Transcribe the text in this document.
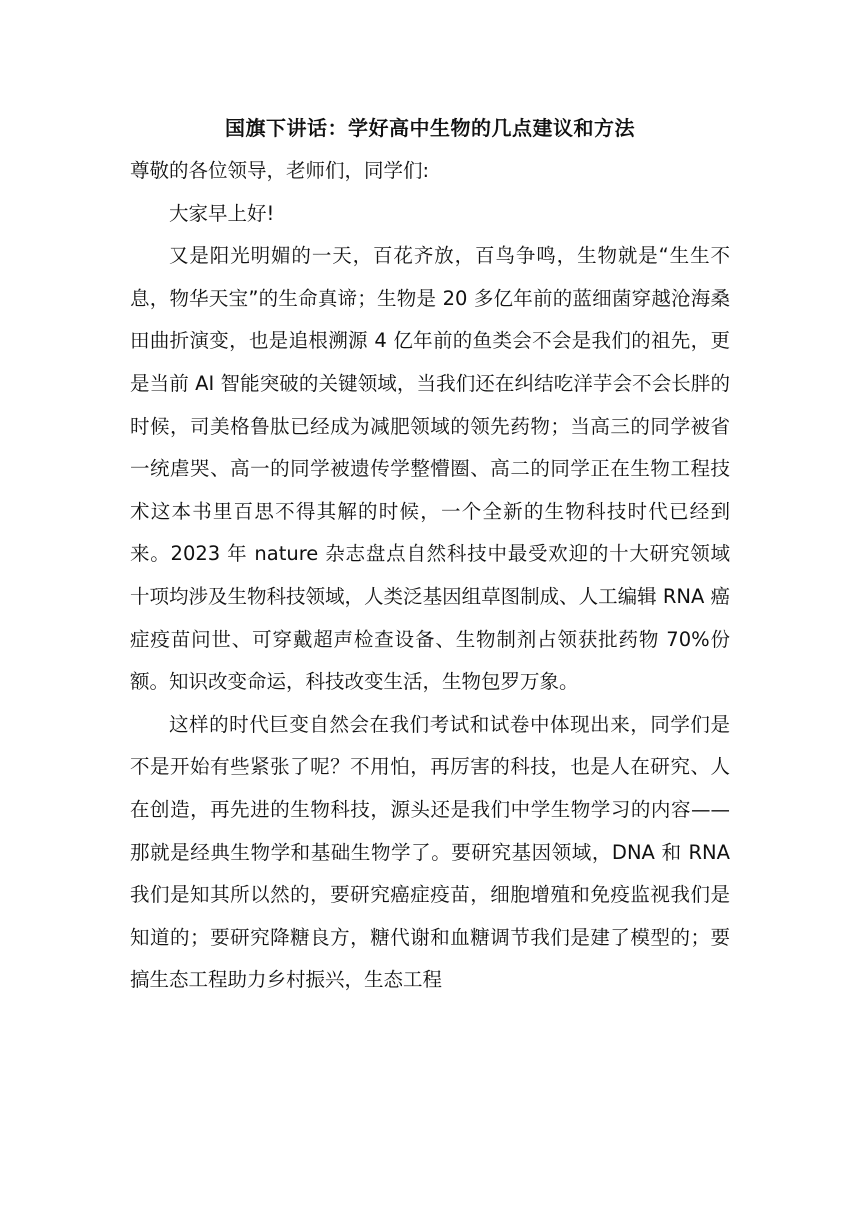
国旗下讲话：学好高中生物的几点建议和方法

尊敬的各位领导，老师们，同学们:

大家早上好!

又是阳光明媚的一天，百花齐放，百鸟争鸣，生物就是“生生不息，物华天宝”的生命真谛；生物是 20 多亿年前的蓝细菌穿越沧海桑田曲折演变，也是追根溯源 4 亿年前的鱼类会不会是我们的祖先，更是当前 AI 智能突破的关键领域，当我们还在纠结吃洋芋会不会长胖的时候，司美格鲁肽已经成为减肥领域的领先药物；当高三的同学被省一统虐哭、高一的同学被遗传学整懵圈、高二的同学正在生物工程技术这本书里百思不得其解的时候，一个全新的生物科技时代已经到来。2023 年 nature 杂志盘点自然科技中最受欢迎的十大研究领域十项均涉及生物科技领域，人类泛基因组草图制成、人工编辑 RNA 癌症疫苗问世、可穿戴超声检查设备、生物制剂占领获批药物 70%份额。知识改变命运，科技改变生活，生物包罗万象。

这样的时代巨变自然会在我们考试和试卷中体现出来，同学们是不是开始有些紧张了呢？不用怕，再厉害的科技，也是人在研究、人在创造，再先进的生物科技，源头还是我们中学生物学习的内容——那就是经典生物学和基础生物学了。要研究基因领域，DNA 和 RNA 我们是知其所以然的，要研究癌症疫苗，细胞增殖和免疫监视我们是知道的；要研究降糖良方，糖代谢和血糖调节我们是建了模型的；要搞生态工程助力乡村振兴，生态工程
